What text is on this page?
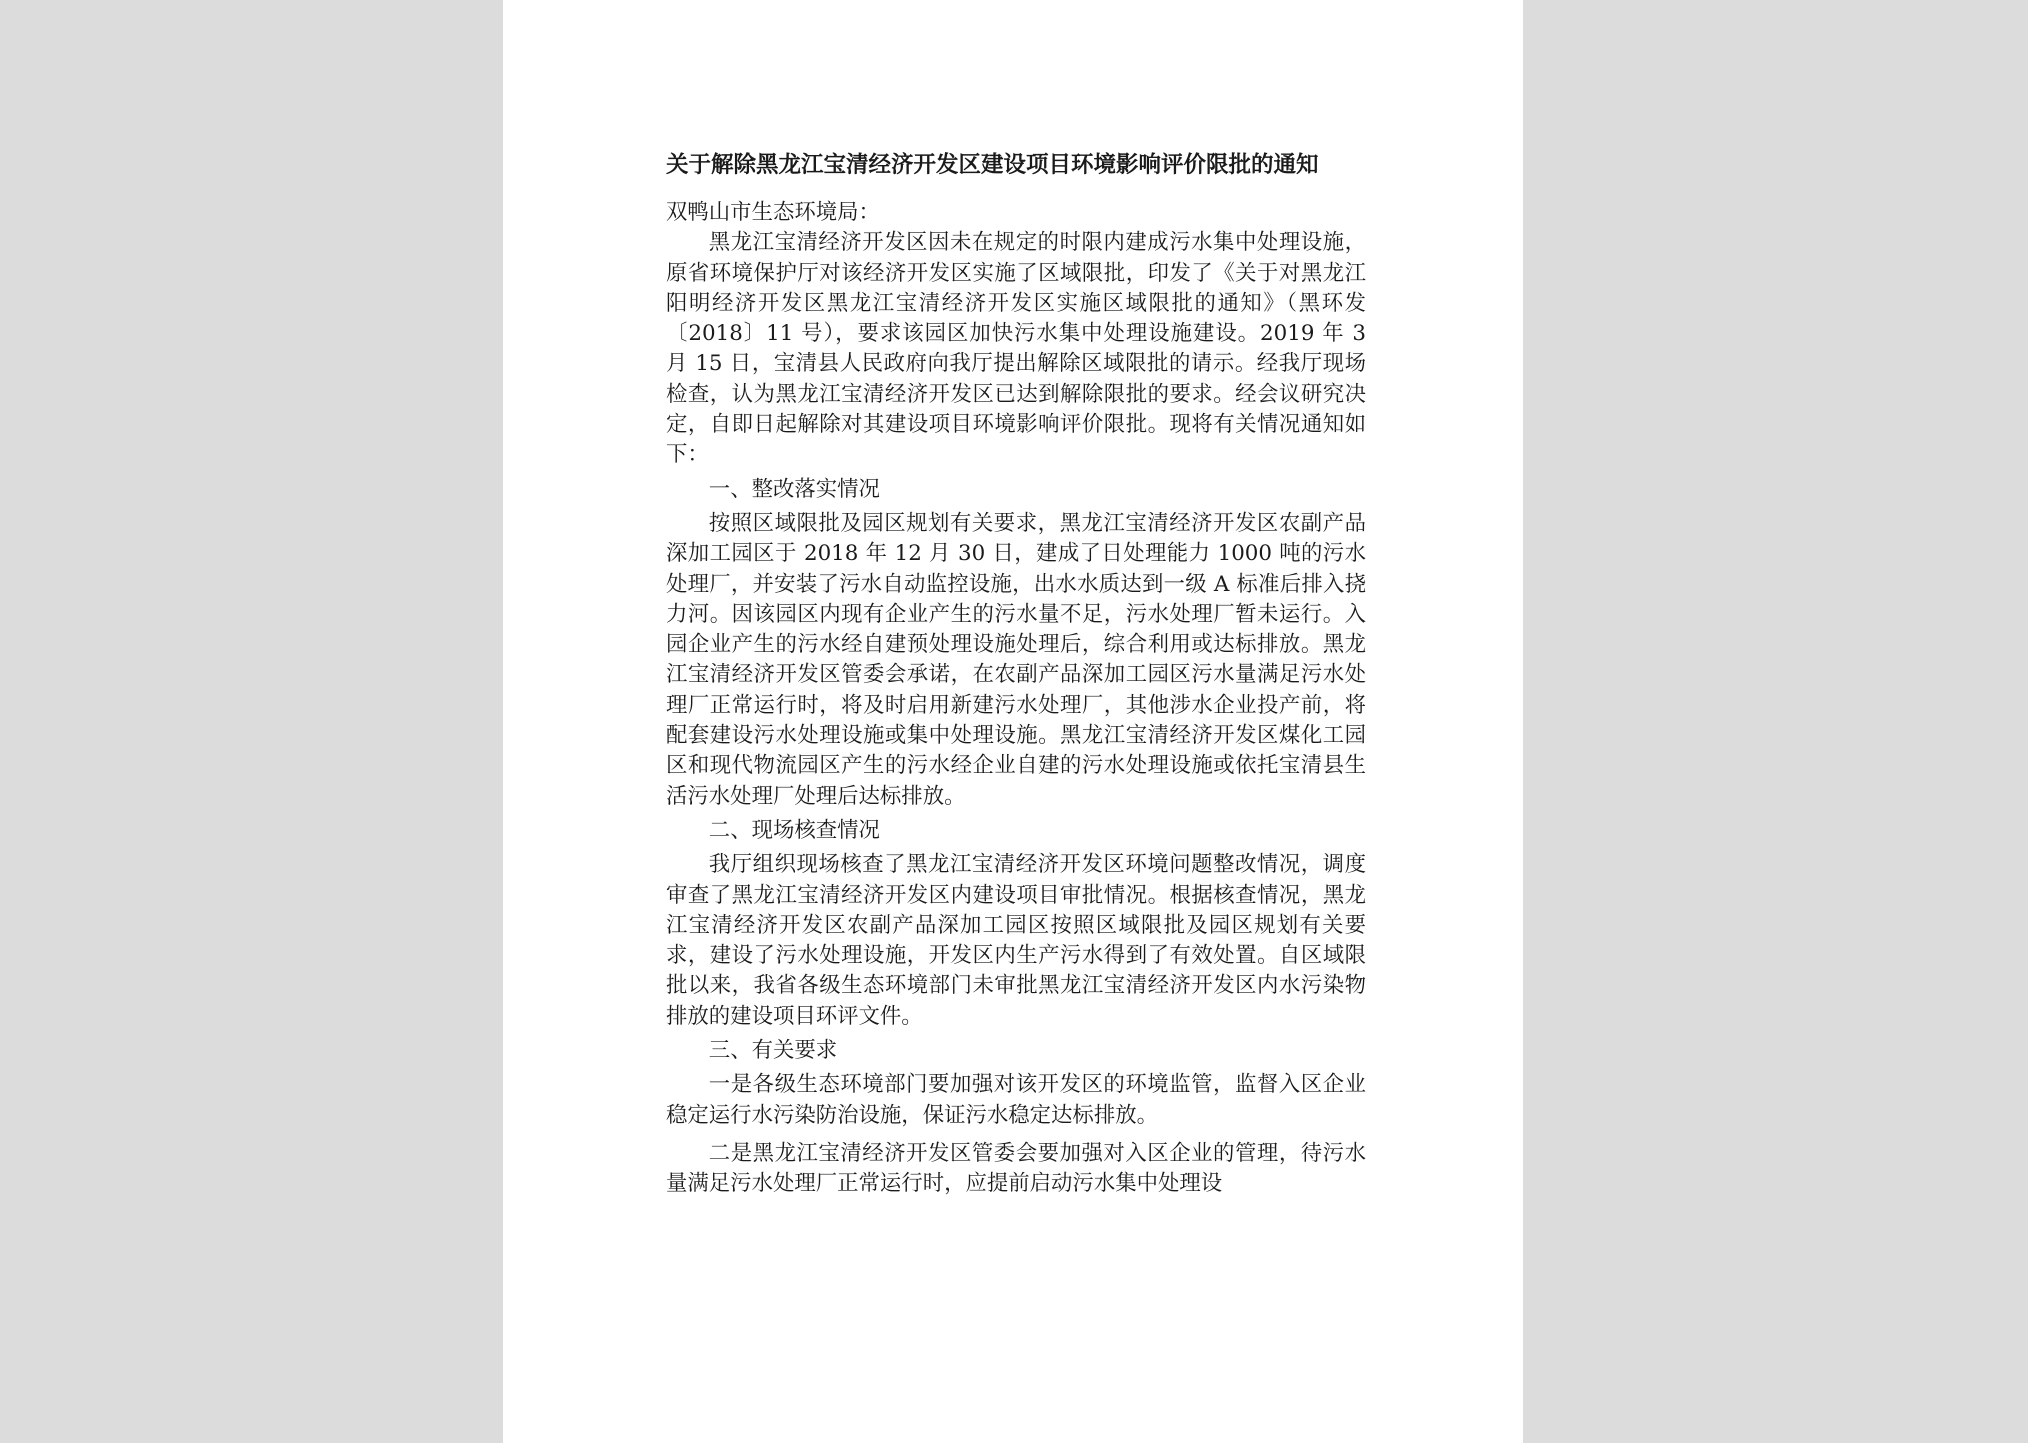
关于解除黑龙江宝清经济开发区建设项目环境影响评价限批的通知

双鸭山市生态环境局：

黑龙江宝清经济开发区因未在规定的时限内建成污水集中处理设施，原省环境保护厅对该经济开发区实施了区域限批，印发了《关于对黑龙江阳明经济开发区黑龙江宝清经济开发区实施区域限批的通知》（黑环发〔2018〕11 号），要求该园区加快污水集中处理设施建设。2019 年 3 月 15 日，宝清县人民政府向我厅提出解除区域限批的请示。经我厅现场检查，认为黑龙江宝清经济开发区已达到解除限批的要求。经会议研究决定，自即日起解除对其建设项目环境影响评价限批。现将有关情况通知如下：

一、整改落实情况

按照区域限批及园区规划有关要求，黑龙江宝清经济开发区农副产品深加工园区于 2018 年 12 月 30 日，建成了日处理能力 1000 吨的污水处理厂，并安装了污水自动监控设施，出水水质达到一级 A 标准后排入挠力河。因该园区内现有企业产生的污水量不足，污水处理厂暂未运行。入园企业产生的污水经自建预处理设施处理后，综合利用或达标排放。黑龙江宝清经济开发区管委会承诺，在农副产品深加工园区污水量满足污水处理厂正常运行时，将及时启用新建污水处理厂，其他涉水企业投产前，将配套建设污水处理设施或集中处理设施。黑龙江宝清经济开发区煤化工园区和现代物流园区产生的污水经企业自建的污水处理设施或依托宝清县生活污水处理厂处理后达标排放。

二、现场核查情况

我厅组织现场核查了黑龙江宝清经济开发区环境问题整改情况，调度审查了黑龙江宝清经济开发区内建设项目审批情况。根据核查情况，黑龙江宝清经济开发区农副产品深加工园区按照区域限批及园区规划有关要求，建设了污水处理设施，开发区内生产污水得到了有效处置。自区域限批以来，我省各级生态环境部门未审批黑龙江宝清经济开发区内水污染物排放的建设项目环评文件。

三、有关要求

一是各级生态环境部门要加强对该开发区的环境监管，监督入区企业稳定运行水污染防治设施，保证污水稳定达标排放。

二是黑龙江宝清经济开发区管委会要加强对入区企业的管理，待污水量满足污水处理厂正常运行时，应提前启动污水集中处理设
